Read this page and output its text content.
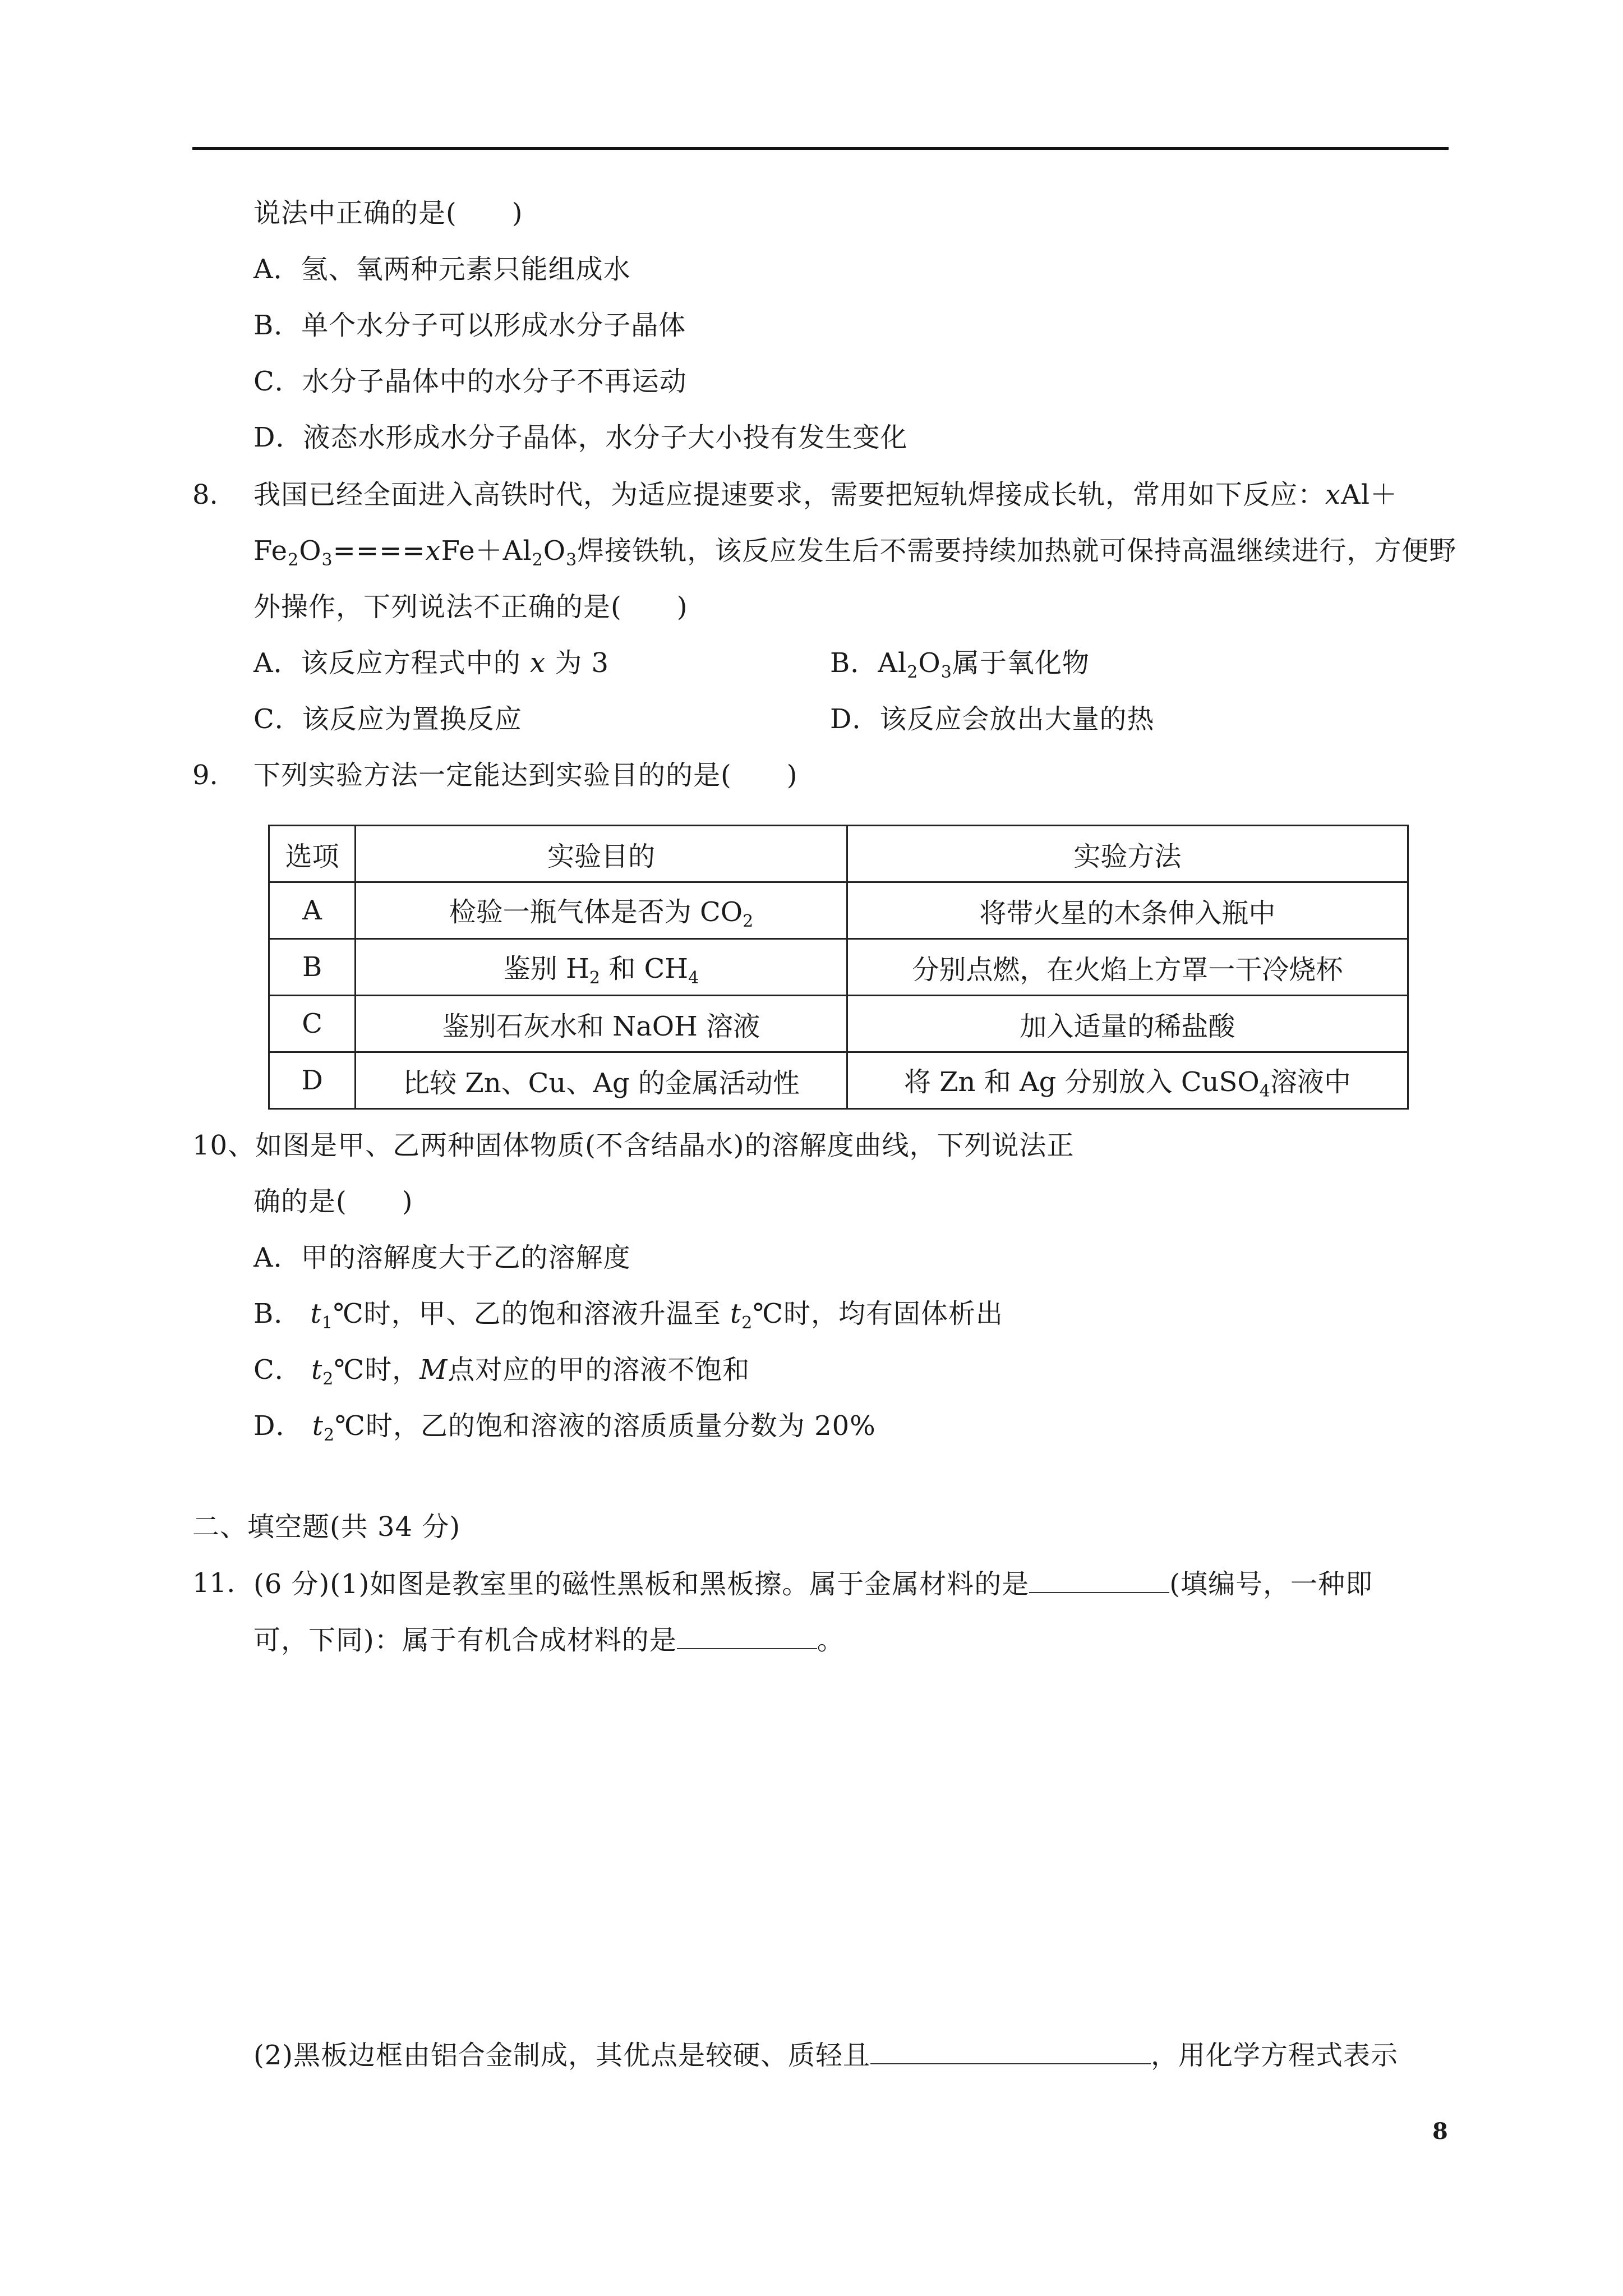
说法中正确的是(　　)
A．氢、氧两种元素只能组成水
B．单个水分子可以形成水分子晶体
C．水分子晶体中的水分子不再运动
D．液态水形成水分子晶体，水分子大小投有发生变化
8. 我国已经全面进入高铁时代，为适应提速要求，需要把短轨焊接成长轨，常用如下反应：xAl＋
$Fe_2O_3====xFe+Al_2O_3$焊接铁轨，该反应发生后不需要持续加热就可保持高温继续进行，方便野
外操作，下列说法不正确的是(　　)
A．该反应方程式中的 x 为 3	B．$Al_2O_3$属于氧化物
C．该反应为置换反应	D．该反应会放出大量的热
9. 下列实验方法一定能达到实验目的的是(　　)
选项	实验目的	实验方法
A	检验一瓶气体是否为 $CO_2$	将带火星的木条伸入瓶中
B	鉴别 $H_2$ 和 $CH_4$	分别点燃，在火焰上方罩一干冷烧杯
C	鉴别石灰水和 NaOH 溶液	加入适量的稀盐酸
D	比较 Zn、Cu、Ag 的金属活动性	将 Zn 和 Ag 分别放入 CuSO$_4$溶液中
10、如图是甲、乙两种固体物质(不含结晶水)的溶解度曲线，下列说法正
确的是(　　)
A．甲的溶解度大于乙的溶解度
B． $t_1℃$时，甲、乙的饱和溶液升温至 $t_2℃$时，均有固体析出
C． $t_2℃$时，M点对应的甲的溶液不饱和
D． $t_2℃$时，乙的饱和溶液的溶质质量分数为 20%
二、填空题(共 34 分)
11. (6 分)(1)如图是教室里的磁性黑板和黑板擦。属于金属材料的是	(填编号，一种即
可，下同)：属于有机合成材料的是	。
(2)黑板边框由铝合金制成，其优点是较硬、质轻且	，用化学方程式表示
8
